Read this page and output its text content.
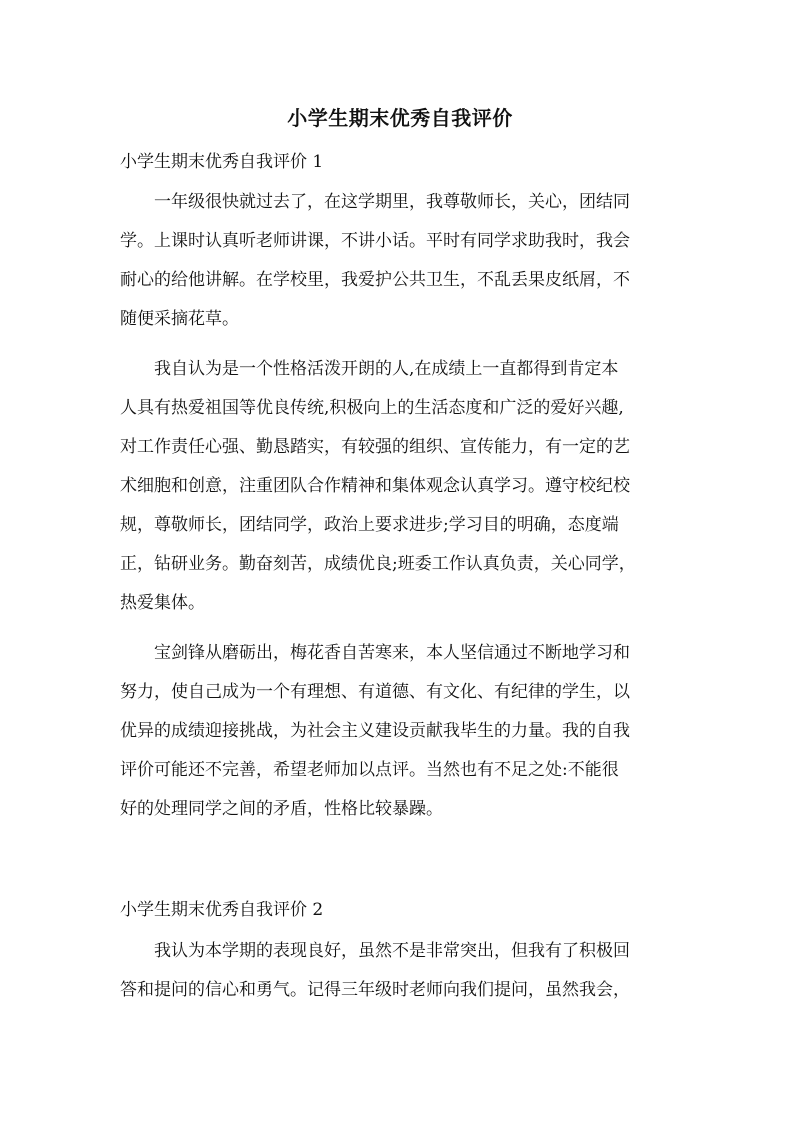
小学生期末优秀自我评价
小学生期末优秀自我评价 1
一年级很快就过去了，在这学期里，我尊敬师长，关心，团结同
学。上课时认真听老师讲课，不讲小话。平时有同学求助我时，我会
耐心的给他讲解。在学校里，我爱护公共卫生，不乱丢果皮纸屑，不
随便采摘花草。
我自认为是一个性格活泼开朗的人,在成绩上一直都得到肯定本
人具有热爱祖国等优良传统,积极向上的生活态度和广泛的爱好兴趣,
对工作责任心强、勤恳踏实，有较强的组织、宣传能力，有一定的艺
术细胞和创意，注重团队合作精神和集体观念认真学习。遵守校纪校
规，尊敬师长，团结同学，政治上要求进步;学习目的明确，态度端
正，钻研业务。勤奋刻苦，成绩优良;班委工作认真负责，关心同学，
热爱集体。
宝剑锋从磨砺出，梅花香自苦寒来，本人坚信通过不断地学习和
努力，使自己成为一个有理想、有道德、有文化、有纪律的学生，以
优异的成绩迎接挑战，为社会主义建设贡献我毕生的力量。我的自我
评价可能还不完善，希望老师加以点评。当然也有不足之处:不能很
好的处理同学之间的矛盾，性格比较暴躁。
小学生期末优秀自我评价 2
我认为本学期的表现良好，虽然不是非常突出，但我有了积极回
答和提问的信心和勇气。记得三年级时老师向我们提问，虽然我会，
